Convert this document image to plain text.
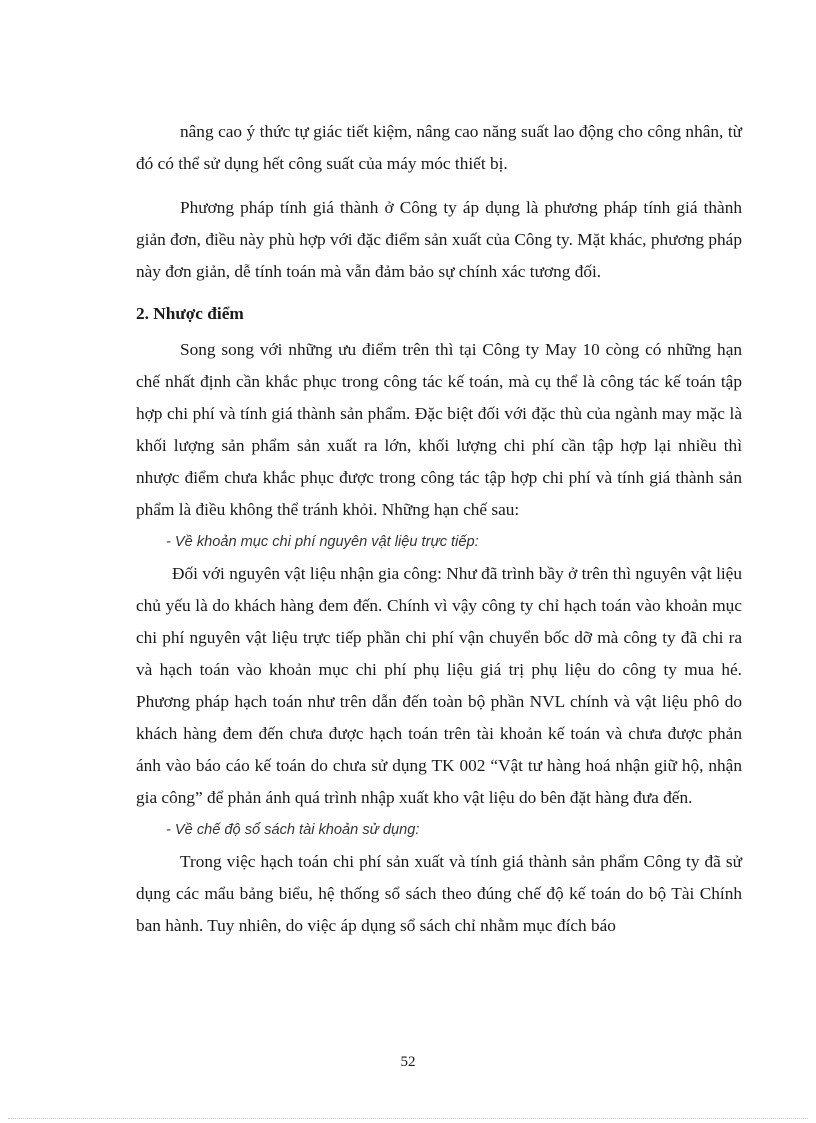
nâng cao ý thức tự giác tiết kiệm, nâng cao năng suất lao động cho công nhân, từ đó có thể sử dụng hết công suất của máy móc thiết bị.

Phương pháp tính giá thành ở Công ty áp dụng là phương pháp tính giá thành giản đơn, điều này phù hợp với đặc điểm sản xuất của Công ty. Mặt khác, phương pháp này đơn giản, dễ tính toán mà vẫn đảm bảo sự chính xác tương đối.

2. Nhược điểm

Song song với những ưu điểm trên thì tại Công ty May 10 còng có những hạn chế nhất định cần khắc phục trong công tác kế toán, mà cụ thể là công tác kế toán tập hợp chi phí và tính giá thành sản phẩm. Đặc biệt đối với đặc thù của ngành may mặc là khối lượng sản phẩm sản xuất ra lớn, khối lượng chi phí cần tập hợp lại nhiều thì nhược điểm chưa khắc phục được trong công tác tập hợp chi phí và tính giá thành sản phẩm là điều không thể tránh khỏi. Những hạn chế sau:

- Về khoản mục chi phí nguyên vật liệu trực tiếp:

Đối với nguyên vật liệu nhận gia công: Như đã trình bầy ở trên thì nguyên vật liệu chủ yếu là do khách hàng đem đến. Chính vì vậy công ty chỉ hạch toán vào khoản mục chi phí nguyên vật liệu trực tiếp phần chi phí vận chuyển bốc dỡ mà công ty đã chi ra và hạch toán vào khoản mục chi phí phụ liệu giá trị phụ liệu do công ty mua hé. Phương pháp hạch toán như trên dẫn đến toàn bộ phần NVL chính và vật liệu phô do khách hàng đem đến chưa được hạch toán trên tài khoản kế toán và chưa được phản ánh vào báo cáo kế toán do chưa sử dụng TK 002 “Vật tư hàng hoá nhận giữ hộ, nhận gia công” để phản ánh quá trình nhập xuất kho vật liệu do bên đặt hàng đưa đến.

- Về chế độ sổ sách tài khoản sử dụng:

Trong việc hạch toán chi phí sản xuất và tính giá thành sản phẩm Công ty đã sử dụng các mẩu bảng biểu, hệ thống sổ sách theo đúng chế độ kế toán do bộ Tài Chính ban hành. Tuy nhiên, do việc áp dụng sổ sách chỉ nhằm mục đích báo

52
